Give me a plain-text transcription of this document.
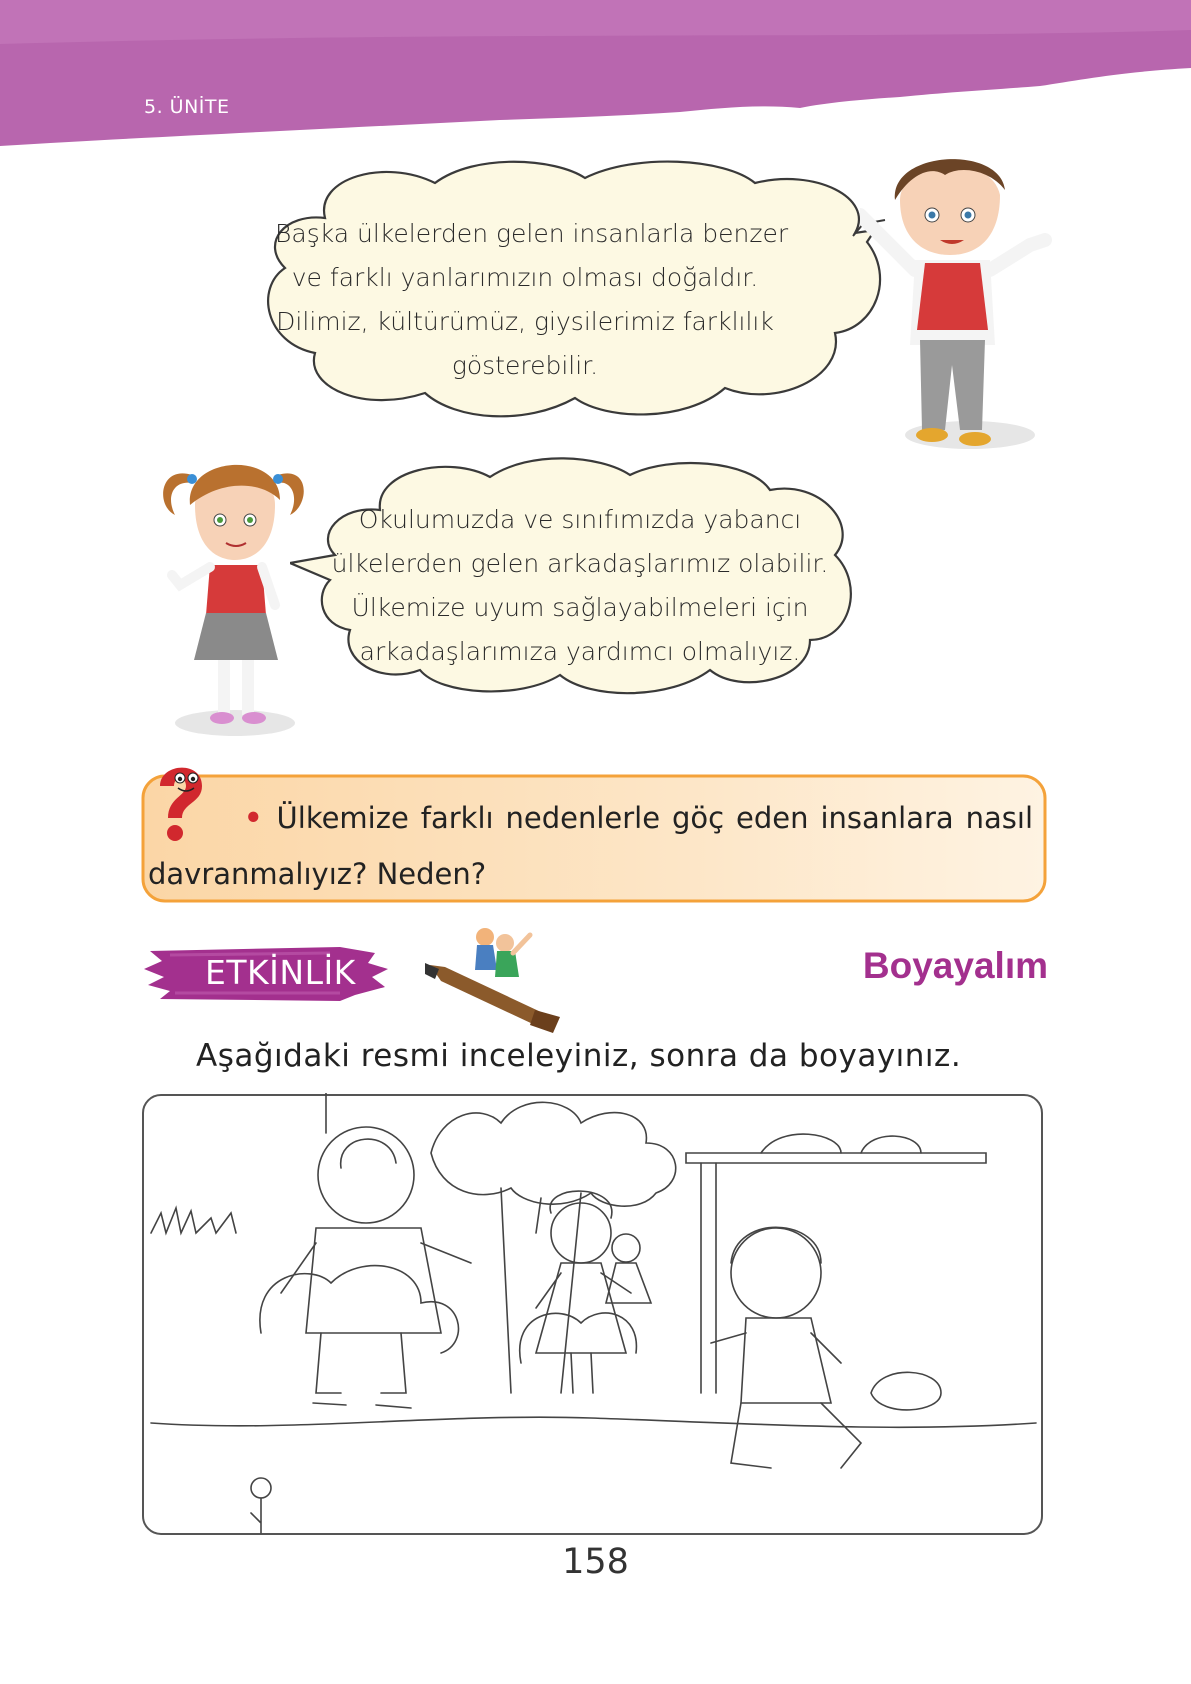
5. ÜNİTE
Başka ülkelerden gelen insanlarla benzer
ve farklı yanlarımızın olması doğaldır.
Dilimiz, kültürümüz, giysilerimiz farklılık
gösterebilir.
Okulumuzda ve sınıfımızda yabancı
ülkelerden gelen arkadaşlarımız olabilir.
Ülkemize uyum sağlayabilmeleri için
arkadaşlarımıza yardımcı olmalıyız.
• Ülkemize farklı nedenlerle göç eden insanlara nasıl
davranmalıyız? Neden?
ETKİNLİK	Boyayalım
Aşağıdaki resmi inceleyiniz, sonra da boyayınız.
158
